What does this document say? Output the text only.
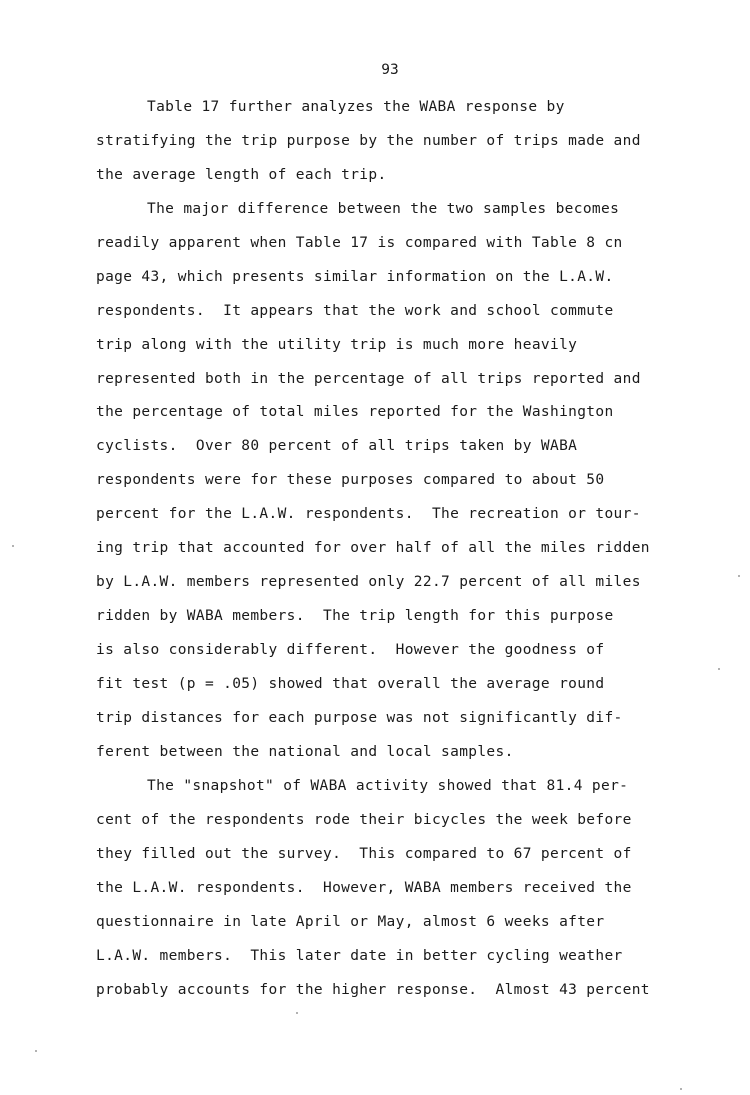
93
Table 17 further analyzes the WABA response by
stratifying the trip purpose by the number of trips made and
the average length of each trip.
The major difference between the two samples becomes
readily apparent when Table 17 is compared with Table 8 cn
page 43, which presents similar information on the L.A.W.
respondents.  It appears that the work and school commute
trip along with the utility trip is much more heavily
represented both in the percentage of all trips reported and
the percentage of total miles reported for the Washington
cyclists.  Over 80 percent of all trips taken by WABA
respondents were for these purposes compared to about 50
percent for the L.A.W. respondents.  The recreation or tour-
ing trip that accounted for over half of all the miles ridden
by L.A.W. members represented only 22.7 percent of all miles
ridden by WABA members.  The trip length for this purpose
is also considerably different.  However the goodness of
fit test (p = .05) showed that overall the average round
trip distances for each purpose was not significantly dif-
ferent between the national and local samples.
The "snapshot" of WABA activity showed that 81.4 per-
cent of the respondents rode their bicycles the week before
they filled out the survey.  This compared to 67 percent of
the L.A.W. respondents.  However, WABA members received the
questionnaire in late April or May, almost 6 weeks after
L.A.W. members.  This later date in better cycling weather
probably accounts for the higher response.  Almost 43 percent
